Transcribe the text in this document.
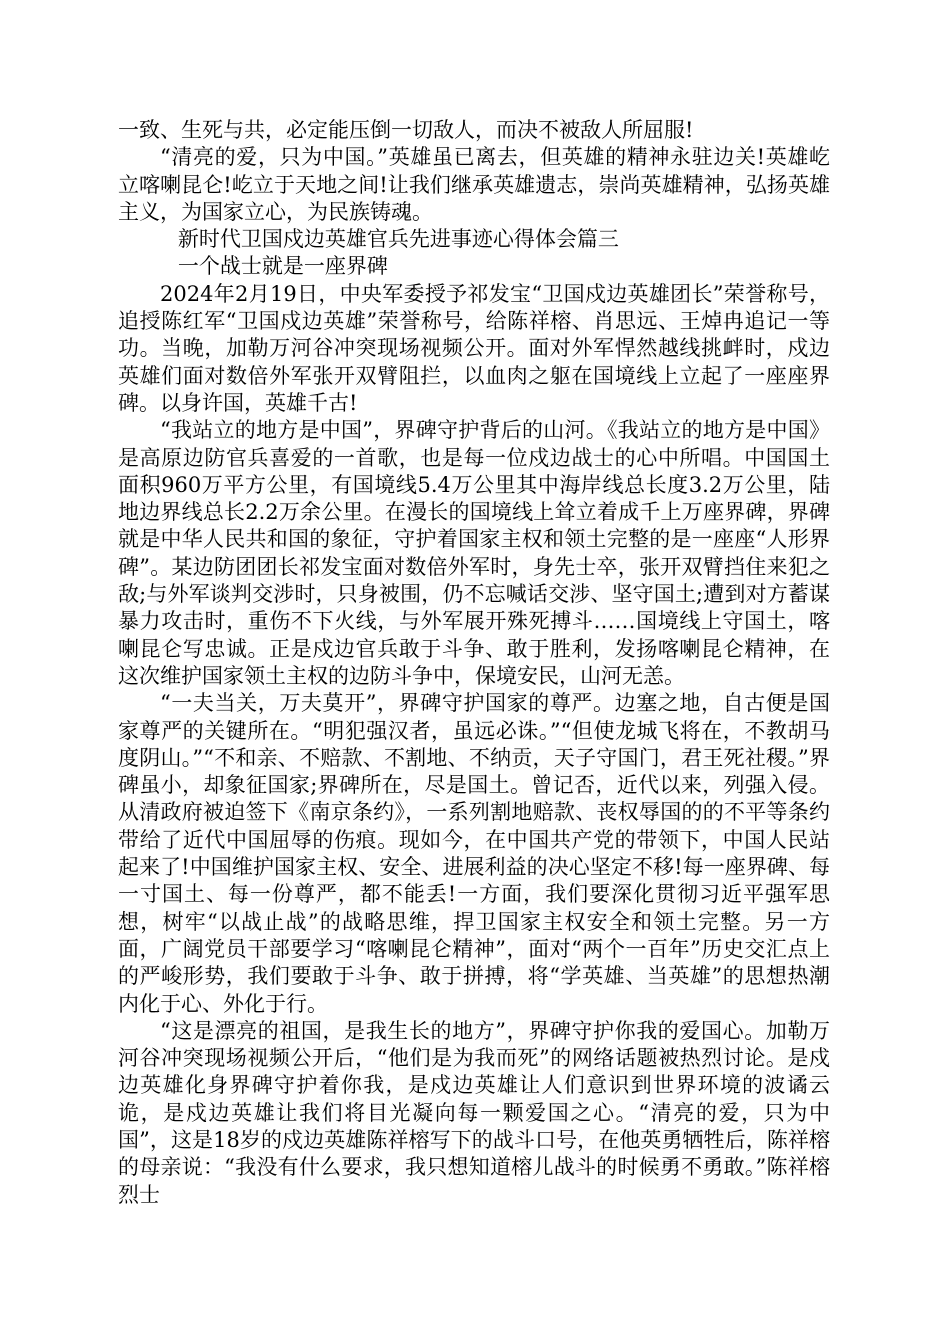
一致、生死与共，必定能压倒一切敌人，而决不被敌人所屈服!

“清亮的爱，只为中国。”英雄虽已离去，但英雄的精神永驻边关!英雄屹立喀喇昆仑!屹立于天地之间!让我们继承英雄遗志，崇尚英雄精神，弘扬英雄主义，为国家立心，为民族铸魂。

新时代卫国戍边英雄官兵先进事迹心得体会篇三

一个战士就是一座界碑

2024年2月19日，中央军委授予祁发宝“卫国戍边英雄团长”荣誉称号，追授陈红军“卫国戍边英雄”荣誉称号，给陈祥榕、肖思远、王焯冉追记一等功。当晚，加勒万河谷冲突现场视频公开。面对外军悍然越线挑衅时，戍边英雄们面对数倍外军张开双臂阻拦，以血肉之躯在国境线上立起了一座座界碑。以身许国，英雄千古!

“我站立的地方是中国”，界碑守护背后的山河。《我站立的地方是中国》是高原边防官兵喜爱的一首歌，也是每一位戍边战士的心中所唱。中国国土面积960万平方公里，有国境线5.4万公里其中海岸线总长度3.2万公里，陆地边界线总长2.2万余公里。在漫长的国境线上耸立着成千上万座界碑，界碑就是中华人民共和国的象征，守护着国家主权和领土完整的是一座座“人形界碑”。某边防团团长祁发宝面对数倍外军时，身先士卒，张开双臂挡住来犯之敌;与外军谈判交涉时，只身被围，仍不忘喊话交涉、坚守国土;遭到对方蓄谋暴力攻击时，重伤不下火线，与外军展开殊死搏斗……国境线上守国土，喀喇昆仑写忠诚。正是戍边官兵敢于斗争、敢于胜利，发扬喀喇昆仑精神，在这次维护国家领土主权的边防斗争中，保境安民，山河无恙。

“一夫当关，万夫莫开”，界碑守护国家的尊严。边塞之地，自古便是国家尊严的关键所在。“明犯强汉者，虽远必诛。”“但使龙城飞将在，不教胡马度阴山。”“不和亲、不赔款、不割地、不纳贡，天子守国门，君王死社稷。”界碑虽小，却象征国家;界碑所在，尽是国土。曾记否，近代以来，列强入侵。从清政府被迫签下《南京条约》，一系列割地赔款、丧权辱国的的不平等条约带给了近代中国屈辱的伤痕。现如今，在中国共产党的带领下，中国人民站起来了!中国维护国家主权、安全、进展利益的决心坚定不移!每一座界碑、每一寸国土、每一份尊严，都不能丢!一方面，我们要深化贯彻习近平强军思想，树牢“以战止战”的战略思维，捍卫国家主权安全和领土完整。另一方面，广阔党员干部要学习“喀喇昆仑精神”，面对“两个一百年”历史交汇点上的严峻形势，我们要敢于斗争、敢于拼搏，将“学英雄、当英雄”的思想热潮内化于心、外化于行。

“这是漂亮的祖国，是我生长的地方”，界碑守护你我的爱国心。加勒万河谷冲突现场视频公开后，“他们是为我而死”的网络话题被热烈讨论。是戍边英雄化身界碑守护着你我，是戍边英雄让人们意识到世界环境的波谲云诡，是戍边英雄让我们将目光凝向每一颗爱国之心。“清亮的爱，只为中国”，这是18岁的戍边英雄陈祥榕写下的战斗口号，在他英勇牺牲后，陈祥榕的母亲说：“我没有什么要求，我只想知道榕儿战斗的时候勇不勇敢。”陈祥榕烈士
